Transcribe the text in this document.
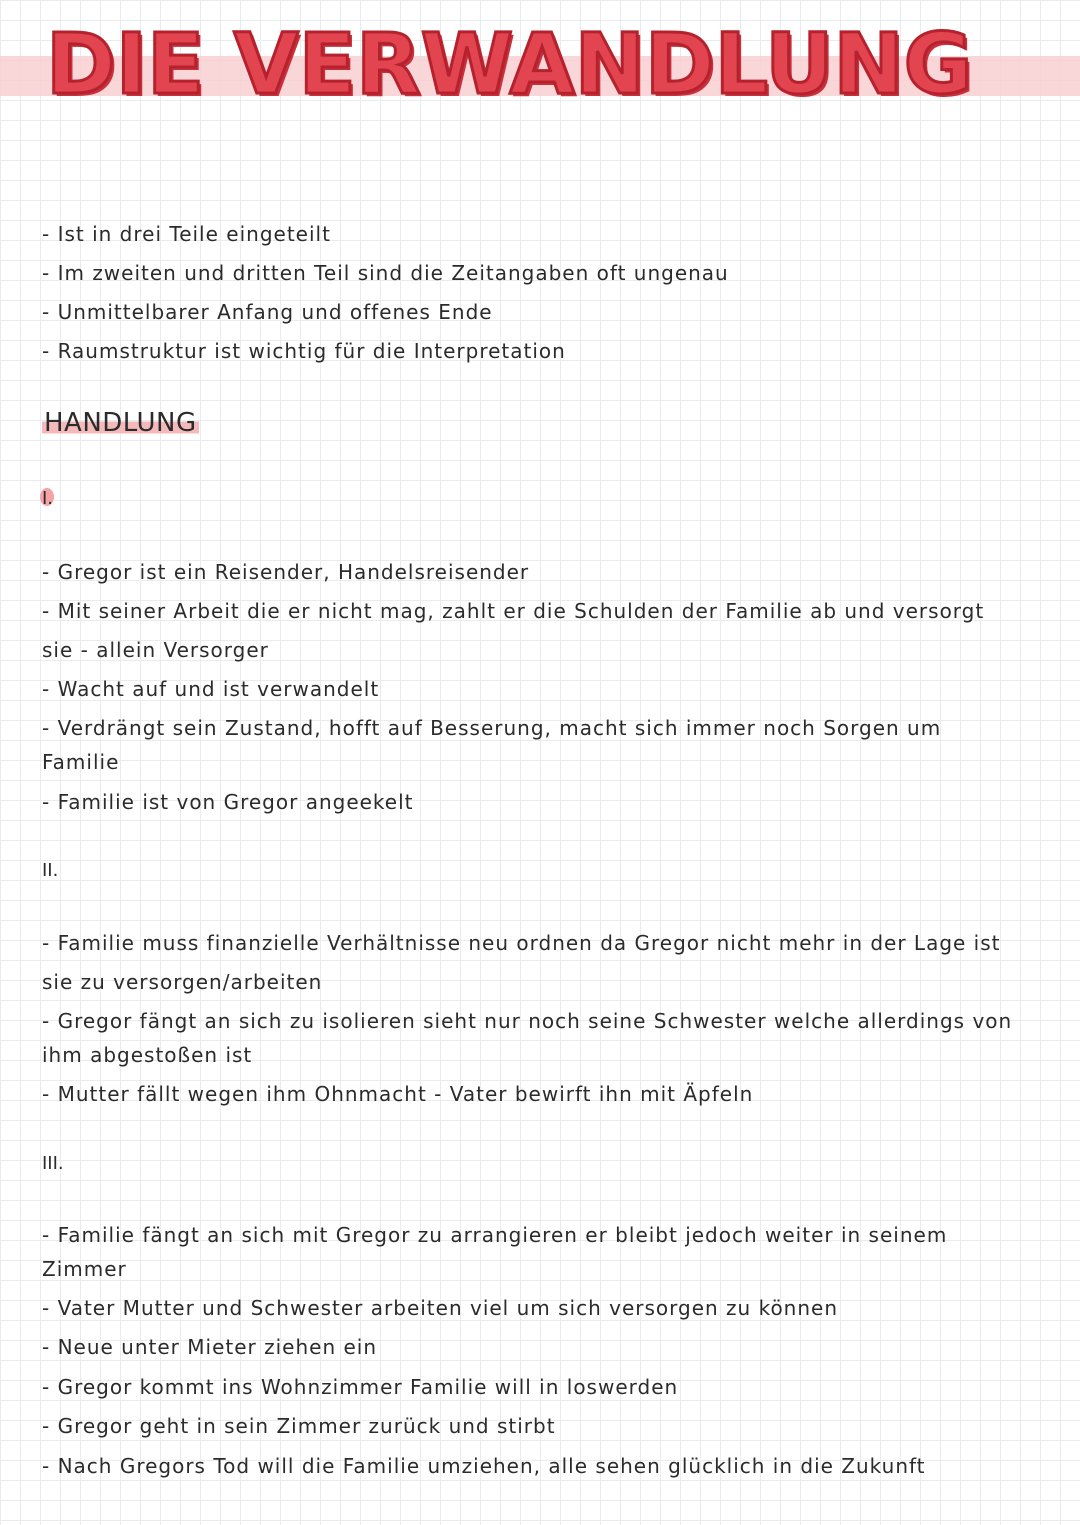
DIE VERWANDLUNG
- Ist in drei Teile eingeteilt
- Im zweiten und dritten Teil sind die Zeitangaben oft ungenau
- Unmittelbarer Anfang und offenes Ende
- Raumstruktur ist wichtig für die Interpretation
HANDLUNG
I.
- Gregor ist ein Reisender, Handelsreisender
- Mit seiner Arbeit die er nicht mag, zahlt er die Schulden der Familie ab und versorgt
sie - allein Versorger
- Wacht auf und ist verwandelt
- Verdrängt sein Zustand, hofft auf Besserung, macht sich immer noch Sorgen um
Familie
- Familie ist von Gregor angeekelt
II.
- Familie muss finanzielle Verhältnisse neu ordnen da Gregor nicht mehr in der Lage ist
sie zu versorgen/arbeiten
- Gregor fängt an sich zu isolieren sieht nur noch seine Schwester welche allerdings von
ihm abgestoßen ist
- Mutter fällt wegen ihm Ohnmacht - Vater bewirft ihn mit Äpfeln
III.
- Familie fängt an sich mit Gregor zu arrangieren er bleibt jedoch weiter in seinem
Zimmer
- Vater Mutter und Schwester arbeiten viel um sich versorgen zu können
- Neue unter Mieter ziehen ein
- Gregor kommt ins Wohnzimmer Familie will in loswerden
- Gregor geht in sein Zimmer zurück und stirbt
- Nach Gregors Tod will die Familie umziehen, alle sehen glücklich in die Zukunft
